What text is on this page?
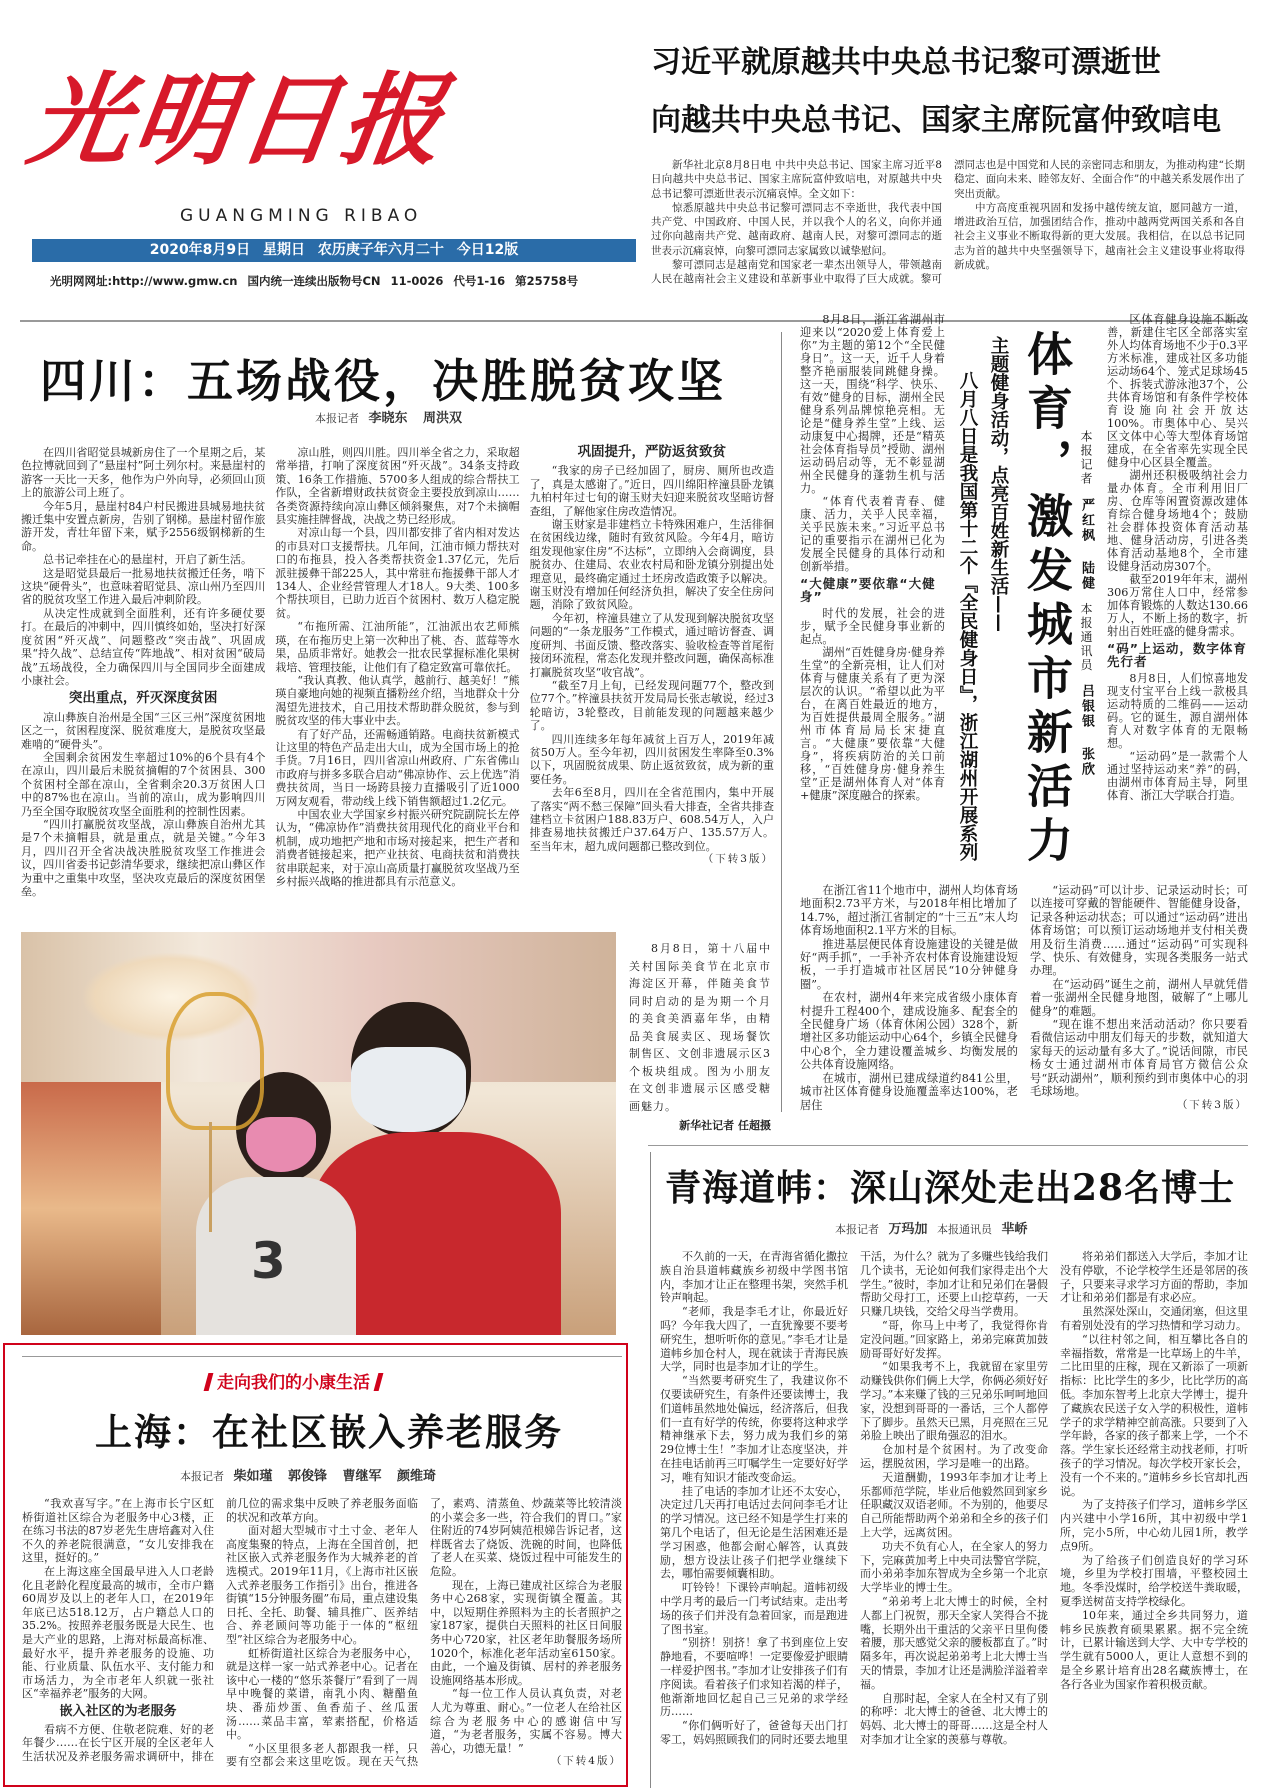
光明日报
GUANGMING RIBAO
2020年8月9日 星期日 农历庚子年六月二十 今日12版
光明网网址:http://www.gmw.cn 国内统一连续出版物号CN 11-0026 代号1-16 第25758号
习近平就原越共中央总书记黎可漂逝世
向越共中央总书记、国家主席阮富仲致唁电

新华社北京8月8日电 中共中央总书记、国家主席习近平8日向越共中央总书记、国家主席阮富仲致唁电，对原越共中央总书记黎可漂逝世表示沉痛哀悼。全文如下：

惊悉原越共中央总书记黎可漂同志不幸逝世，我代表中国共产党、中国政府、中国人民，并以我个人的名义，向你并通过你向越南共产党、越南政府、越南人民，对黎可漂同志的逝世表示沉痛哀悼，向黎可漂同志家属致以诚挚慰问。

黎可漂同志是越南党和国家老一辈杰出领导人，带领越南人民在越南社会主义建设和革新事业中取得了巨大成就。黎可漂同志也是中国党和人民的亲密同志和朋友，为推动构建“长期稳定、面向未来、睦邻友好、全面合作”的中越关系发展作出了突出贡献。

中方高度重视巩固和发扬中越传统友谊，愿同越方一道，增进政治互信，加强团结合作，推动中越两党两国关系和各自社会主义事业不断取得新的更大发展。我相信，在以总书记同志为首的越共中央坚强领导下，越南社会主义建设事业将取得新成就。

四川：五场战役，决胜脱贫攻坚
本报记者 李晓东 周洪双

在四川省昭觉县城新房住了一个星期之后，某色拉博就回到了“悬崖村”阿土列尔村。来悬崖村的游客一天比一天多，他作为户外向导，必须回山顶上的旅游公司上班了。

今年5月，悬崖村84户村民搬进县城易地扶贫搬迁集中安置点新房，告别了钢梯。悬崖村留作旅游开发，青壮年留下来，赋予2556级钢梯新的生命。

总书记牵挂在心的悬崖村，开启了新生活。

这是昭觉县最后一批易地扶贫搬迁任务，啃下这块“硬骨头”，也意味着昭觉县、凉山州乃至四川省的脱贫攻坚工作进入最后冲刺阶段。

从决定性成就到全面胜利，还有许多硬仗要打。在最后的冲刺中，四川慎终如始，坚决打好深度贫困“歼灭战”、问题整改“突击战”、巩固成果“持久战”、总结宣传“阵地战”、相对贫困“破局战”五场战役，全力确保四川与全国同步全面建成小康社会。

突出重点，歼灭深度贫困

凉山彝族自治州是全国“三区三州”深度贫困地区之一，贫困程度深、脱贫难度大，是脱贫攻坚最难啃的“硬骨头”。

全国剩余贫困发生率超过10%的6个县有4个在凉山，四川最后未脱贫摘帽的7个贫困县、300个贫困村全部在凉山，全省剩余20.3万贫困人口中的87%也在凉山。当前的凉山，成为影响四川乃至全国夺取脱贫攻坚全面胜利的控制性因素。

“四川打赢脱贫攻坚战，凉山彝族自治州尤其是7个未摘帽县，就是重点，就是关键。”今年3月，四川召开全省决战决胜脱贫攻坚工作推进会议，四川省委书记彭清华要求，继续把凉山彝区作为重中之重集中攻坚，坚决攻克最后的深度贫困堡垒。

凉山胜，则四川胜。四川举全省之力，采取超常举措，打响了深度贫困“歼灭战”。34条支持政策、16条工作措施、5700多人组成的综合帮扶工作队，全省新增财政扶贫资金主要投放到凉山……各类资源持续向凉山彝区倾斜聚焦，对7个未摘帽县实施挂牌督战，决战之势已经形成。

对凉山每一个县，四川都安排了省内相对发达的市县对口支援帮扶。几年间，江油市倾力帮扶对口的布拖县，投入各类帮扶资金1.37亿元，先后派驻援彝干部225人，其中常驻布拖援彝干部人才134人、企业经营管理人才18人。9大类、100多个帮扶项目，已助力近百个贫困村、数万人稳定脱贫。

“布拖所需、江油所能”，江油派出农艺师熊瑛，在布拖历史上第一次种出了桃、杏、蓝莓等水果，品质非常好。她教会一批农民掌握标准化果树栽培、管理技能，让他们有了稳定致富可靠依托。

“我认真教、他认真学，越前行、越美好！”熊瑛自豪地向她的视频直播粉丝介绍，当地群众十分渴望先进技术，自己用技术帮助群众脱贫，参与到脱贫攻坚的伟大事业中去。

有了好产品，还需畅通销路。电商扶贫新模式让这里的特色产品走出大山，成为全国市场上的抢手货。7月16日，四川省凉山州政府、广东省佛山市政府与拼多多联合启动“佛凉协作、云上优选”消费扶贫周，当日一场跨县接力直播吸引了近1000万网友观看，带动线上线下销售额超过1.2亿元。

中国农业大学国家乡村振兴研究院副院长左停认为，“佛凉协作”消费扶贫用现代化的商业平台和机制，成功地把产地和市场对接起来，把生产者和消费者链接起来，把产业扶贫、电商扶贫和消费扶贫串联起来，对于凉山高质量打赢脱贫攻坚战乃至乡村振兴战略的推进都具有示范意义。

巩固提升，严防返贫致贫

“我家的房子已经加固了，厨房、厕所也改造了，真是太感谢了。”近日，四川绵阳梓潼县卧龙镇九柏村年过七旬的谢玉财夫妇迎来脱贫攻坚暗访督查组，了解他家住房改造情况。

谢玉财家是非建档立卡特殊困难户，生活徘徊在贫困线边缘，随时有致贫风险。今年4月，暗访组发现他家住房“不达标”，立即纳入会商调度，县脱贫办、住建局、农业农村局和卧龙镇分别提出处理意见，最终确定通过土坯房改造政策予以解决。谢玉财没有增加任何经济负担，解决了安全住房问题，消除了致贫风险。

今年初，梓潼县建立了从发现到解决脱贫攻坚问题的“一条龙服务”工作模式，通过暗访督查、调度研判、书面反馈、整改落实、验收检查等首尾衔接闭环流程，常态化发现并整改问题，确保高标准打赢脱贫攻坚“收官战”。

“截至7月上旬，已经发现问题77个，整改到位77个。”梓潼县扶贫开发局局长张志敏说，经过3轮暗访，3轮整改，目前能发现的问题越来越少了。

四川连续多年每年减贫上百万人，2019年减贫50万人。至今年初，四川贫困发生率降至0.3%以下，巩固脱贫成果、防止返贫致贫，成为新的重要任务。

去年6至8月，四川在全省范围内，集中开展了落实“两不愁三保障”回头看大排查，全省共排查建档立卡贫困户188.83万户、608.54万人，入户排查易地扶贫搬迁户37.64万户、135.57万人。至当年末，超九成问题都已整改到位。

（下转3版）

8月8日，浙江省湖州市迎来以“2020爱上体育爱上你”为主题的第12个“全民健身日”。这一天，近千人身着整齐艳丽服装同跳健身操。这一天，围绕“科学、快乐、有效”健身的目标，湖州全民健身系列品牌惊艳亮相。无论是“健身养生堂”上线、运动康复中心揭牌，还是“精英社会体育指导员”授勋、湖州运动码启动等，无不彰显湖州全民健身的蓬勃生机与活力。

“体育代表着青春、健康、活力，关乎人民幸福，关乎民族未来。”习近平总书记的重要指示在湖州已化为发展全民健身的具体行动和创新举措。

“大健康”要依靠“大健身”

时代的发展，社会的进步，赋予全民健身事业新的起点。

湖州“百姓健身房·健身养生堂”的全新亮相，让人们对体育与健康关系有了更为深层次的认识。“希望以此为平台，在离百姓最近的地方，为百姓提供最周全服务。”湖州市体育局局长宋捷直言。“大健康”要依靠“大健身”，将疾病防治的关口前移，“百姓健身房·健身养生堂”正是湖州体育人对“体育+健康”深度融合的探索。	八月八日是我国第十二个『全民健身日』，浙江湖州开展系列 主题健身活动，点亮百姓新生活—— 体育，激发城市新活力 本报记者 严红枫 陆健 本报通讯员 吕银银 张欣

区体育健身设施不断改善，新建住宅区全部落实室外人均体育场地不少于0.3平方米标准，建成社区多功能运动场64个、笼式足球场45个、拆装式游泳池37个，公共体育场馆和有条件学校体育设施向社会开放达100%。市奥体中心、吴兴区文体中心等大型体育场馆建成，在全省率先实现全民健身中心区县全覆盖。

湖州还积极吸纳社会力量办体育。全市利用旧厂房、仓库等闲置资源改建体育综合健身场地4个；鼓励社会群体投资体育活动基地、健身活动房，引进各类体育活动基地8个，全市建设健身活动房307个。

截至2019年年末，湖州306万常住人口中，经常参加体育锻炼的人数达130.66万人，不断上扬的数字，折射出百姓旺盛的健身需求。

“码”上运动，数字体育先行者

8月8日，人们惊喜地发现支付宝平台上线一款极具运动特质的二维码——运动码。它的诞生，源自湖州体育人对数字体育的无限畅想。

“运动码”是一款需个人通过坚持运动来“养”的码，由湖州市体育局主导，阿里体育、浙江大学联合打造。

在浙江省11个地市中，湖州人均体育场地面积2.73平方米，与2018年相比增加了14.7%，超过浙江省制定的“十三五”末人均体育场地面积2.1平方米的目标。

推进基层便民体育设施建设的关键是做好“两手抓”，一手补齐农村体育设施建设短板，一手打造城市社区居民“10分钟健身圈”。

在农村，湖州4年来完成省级小康体育村提升工程400个，建成设施多、配套全的全民健身广场（体育休闲公园）328个，新增社区多功能运动中心64个，乡镇全民健身中心8个，全力建设覆盖城乡、均衡发展的公共体育设施网络。

在城市，湖州已建成绿道约841公里，城市社区体育健身设施覆盖率达100%，老居住

“运动码”可以计步、记录运动时长；可以连接可穿戴的智能硬件、智能健身设备，记录各种运动状态；可以通过“运动码”进出体育场馆；可以预订运动场地并支付相关费用及衍生消费……通过“运动码”可实现科学、快乐、有效健身，实现各类服务一站式办理。

在“运动码”诞生之前，湖州人早就凭借着一张湖州全民健身地图，破解了“上哪儿健身”的难题。

“现在谁不想出来活动活动？你只要看看微信运动中朋友们每天的步数，就知道大家每天的运动量有多大了。”说话间隙，市民杨女士通过湖州市体育局官方微信公众号“跃动湖州”，顺利预约到市奥体中心的羽毛球场地。

（下转3版）
3

8月8日，第十八届中关村国际美食节在北京市海淀区开幕，伴随美食节同时启动的是为期一个月的美食美酒嘉年华，由精品美食展卖区、现场餐饮制售区、文创非遗展示区3个板块组成。图为小朋友在文创非遗展示区感受糖画魅力。

新华社记者 任超摄
青海道帏：深山深处走出28名博士
本报记者 万玛加 本报通讯员 芈峤

不久前的一天，在青海省循化撒拉族自治县道帏藏族乡初级中学图书馆内，李加才让正在整理书架，突然手机铃声响起。

“老师，我是李毛才让，你最近好吗？今年我大四了，一直犹豫要不要考研究生，想听听你的意见。”李毛才让是道帏乡加仓村人，现在就读于青海民族大学，同时也是李加才让的学生。

“当然要考研究生了，我建议你不仅要读研究生，有条件还要读博士，我们道帏虽然地处偏远，经济落后，但我们一直有好学的传统，你要将这种求学精神继承下去，努力成为我们乡的第29位博士生！”李加才让态度坚决，并在挂电话前再三叮嘱学生一定要好好学习，唯有知识才能改变命运。

挂了电话的李加才让还不太安心，决定过几天再打电话过去问问李毛才让的学习情况。这已经不知是学生打来的第几个电话了，但无论是生活困难还是学习困惑，他都会耐心解答，认真鼓励，想方设法让孩子们把学业继续下去，哪怕需要倾囊相助。

叮铃铃！下课铃声响起。道帏初级中学月考的最后一门考试结束。走出考场的孩子们并没有急着回家，而是跑进了图书室。

“别挤！别挤！拿了书到座位上安静地看，不要喧哗！一定要像爱护眼睛一样爱护图书。”李加才让安排孩子们有序阅读。看着孩子们求知若渴的样子，他渐渐地回忆起自己三兄弟的求学经历……

“你们俩听好了，爸爸每天出门打零工，妈妈照顾我们的同时还要去地里干活，为什么？就为了多赚些钱给我们几个读书，无论如何我们家得走出个大学生。”彼时，李加才让和兄弟们在暑假帮助父母打工，还要上山挖草药，一天只赚几块钱，交给父母当学费用。

“哥，你马上中考了，我觉得你肯定没问题。”回家路上，弟弟完麻黄加鼓励哥哥好好发挥。

“如果我考不上，我就留在家里劳动赚钱供你们俩上大学，你俩必须好好学习。”本来赚了钱的三兄弟乐呵呵地回家，没想到哥哥的一番话，三个人都停下了脚步。虽然天已黑，月亮照在三兄弟脸上映出了眼角强忍的泪水。

仓加村是个贫困村。为了改变命运，摆脱贫困，学习是唯一的出路。

天道酬勤，1993年李加才让考上乐都师范学院，毕业后他毅然回到家乡任职藏汉双语老师。不为别的，他要尽自己所能帮助两个弟弟和全乡的孩子们上大学，远离贫困。

功夫不负有心人，在全家人的努力下，完麻黄加考上中央司法警官学院，而小弟弟李加东智成为全乡第一个北京大学毕业的博士生。

“弟弟考上北大博士的时候，全村人都上门祝贺，那天全家人笑得合不拢嘴，长期外出干重活的父亲平日里佝偻着腰，那天感觉父亲的腰板都直了。”时隔多年，再次说起弟弟考上北大博士当天的情景，李加才让还是满脸洋溢着幸福。

自那时起，全家人在全村又有了别的称呼：北大博士的爸爸、北大博士的妈妈、北大博士的哥哥……这是全村人对李加才让全家的羡慕与尊敬。

将弟弟们都送入大学后，李加才让没有停歇，不论学校学生还是邻居的孩子，只要来寻求学习方面的帮助，李加才让和弟弟们都是有求必应。

虽然深处深山，交通闭塞，但这里有着别处没有的学习热情和学习动力。

“以往村邻之间，相互攀比各自的幸福指数，常常是一比草场上的牛羊，二比田里的庄稼，现在又新添了一项新指标：比比学生的多少，比比学历的高低。李加东智考上北京大学博士，提升了藏族农民送子女入学的积极性，道帏学子的求学精神空前高涨。只要到了入学年龄，各家的孩子都来上学，一个不落。学生家长还经常主动找老师，打听孩子的学习情况。每次学校开家长会，没有一个不来的。”道帏乡乡长官却扎西说。

为了支持孩子们学习，道帏乡学区内兴建中小学16所，其中初级中学1所，完小5所，中心幼儿园1所，教学点9所。

为了给孩子们创造良好的学习环境，乡里为学校打围墙，平整校园土地。冬季没煤时，给学校送牛粪取暖，夏季送树苗支持学校绿化。

10年来，通过全乡共同努力，道帏乡民族教育硕果累累。据不完全统计，已累计输送到大学、大中专学校的学生就有5000人，更让人意想不到的是全乡累计培育出28名藏族博士，在各行各业为国家作着积极贡献。

走向我们的小康生活
上海：在社区嵌入养老服务
本报记者 柴如瑾 郭俊锋 曹继军 颜维琦

“我欢喜写字。”在上海市长宁区虹桥街道社区综合为老服务中心3楼，正在练习书法的87岁老先生唐培鑫对入住不久的养老院很满意，“女儿安排我在这里，挺好的。”

在上海这座全国最早进入人口老龄化且老龄化程度最高的城市，全市户籍60周岁及以上的老年人口，在2019年年底已达518.12万，占户籍总人口的35.2%。按照养老服务既是大民生、也是大产业的思路，上海对标最高标准、最好水平，提升养老服务的设施、功能、行业质量、队伍水平、支付能力和市场活力，为全市老年人织就一张社区“幸福养老”服务的大网。

嵌入社区的为老服务

看病不方便、住敬老院难、好的老年餐少……在长宁区开展的全区老年人生活状况及养老服务需求调研中，排在前几位的需求集中反映了养老服务面临的状况和改革方向。

面对超大型城市寸土寸金、老年人高度集聚的特点，上海在全国首创，把社区嵌入式养老服务作为大城养老的首选模式。2019年11月，《上海市社区嵌入式养老服务工作指引》出台，推进各街镇“15分钟服务圈”布局，重点建设集日托、全托、助餐、辅具推广、医养结合、养老顾问等功能于一体的“枢纽型”社区综合为老服务中心。

虹桥街道社区综合为老服务中心，就是这样一家一站式养老中心。记者在该中心一楼的“悠乐茶餐厅”看到了一周早中晚餐的菜谱，南乳小肉、糖醋鱼块、番茄炒蛋、鱼香茄子、丝瓜蛋汤……菜品丰富，荤素搭配，价格适中。

“小区里很多老人都跟我一样，只要有空都会来这里吃饭。现在天气热了，素鸡、清蒸鱼、炒蔬菜等比较清淡的小菜会多一些，符合我们的胃口。”家住附近的74岁阿姨范根娣告诉记者，这样既省去了烧饭、洗碗的时间，也降低了老人在买菜、烧饭过程中可能发生的危险。

现在，上海已建成社区综合为老服务中心268家，实现街镇全覆盖。其中，以短期住养照料为主的长者照护之家187家，提供白天照料的社区日间服务中心720家，社区老年助餐服务场所1020个，标准化老年活动室6150家。由此，一个遍及街镇、居村的养老服务设施网络基本形成。

“每一位工作人员认真负责，对老人尤为尊重、耐心。”一位老人在给社区综合为老服务中心的感谢信中写道，“为老者服务，实属不容易。博大善心，功德无量！”

（下转4版）
